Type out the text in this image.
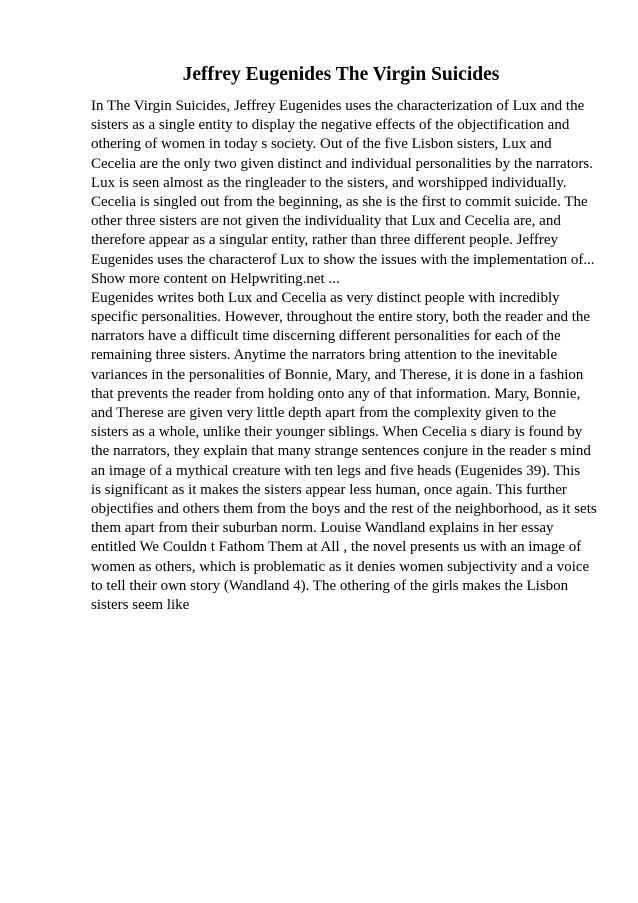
Jeffrey Eugenides The Virgin Suicides
In The Virgin Suicides, Jeffrey Eugenides uses the characterization of Lux and the
sisters as a single entity to display the negative effects of the objectification and
othering of women in today s society. Out of the five Lisbon sisters, Lux and
Cecelia are the only two given distinct and individual personalities by the narrators.
Lux is seen almost as the ringleader to the sisters, and worshipped individually.
Cecelia is singled out from the beginning, as she is the first to commit suicide. The
other three sisters are not given the individuality that Lux and Cecelia are, and
therefore appear as a singular entity, rather than three different people. Jeffrey
Eugenides uses the characterof Lux to show the issues with the implementation of...
Show more content on Helpwriting.net ...
Eugenides writes both Lux and Cecelia as very distinct people with incredibly
specific personalities. However, throughout the entire story, both the reader and the
narrators have a difficult time discerning different personalities for each of the
remaining three sisters. Anytime the narrators bring attention to the inevitable
variances in the personalities of Bonnie, Mary, and Therese, it is done in a fashion
that prevents the reader from holding onto any of that information. Mary, Bonnie,
and Therese are given very little depth apart from the complexity given to the
sisters as a whole, unlike their younger siblings. When Cecelia s diary is found by
the narrators, they explain that many strange sentences conjure in the reader s mind
an image of a mythical creature with ten legs and five heads (Eugenides 39). This
is significant as it makes the sisters appear less human, once again. This further
objectifies and others them from the boys and the rest of the neighborhood, as it sets
them apart from their suburban norm. Louise Wandland explains in her essay
entitled We Couldn t Fathom Them at All , the novel presents us with an image of
women as others, which is problematic as it denies women subjectivity and a voice
to tell their own story (Wandland 4). The othering of the girls makes the Lisbon
sisters seem like
